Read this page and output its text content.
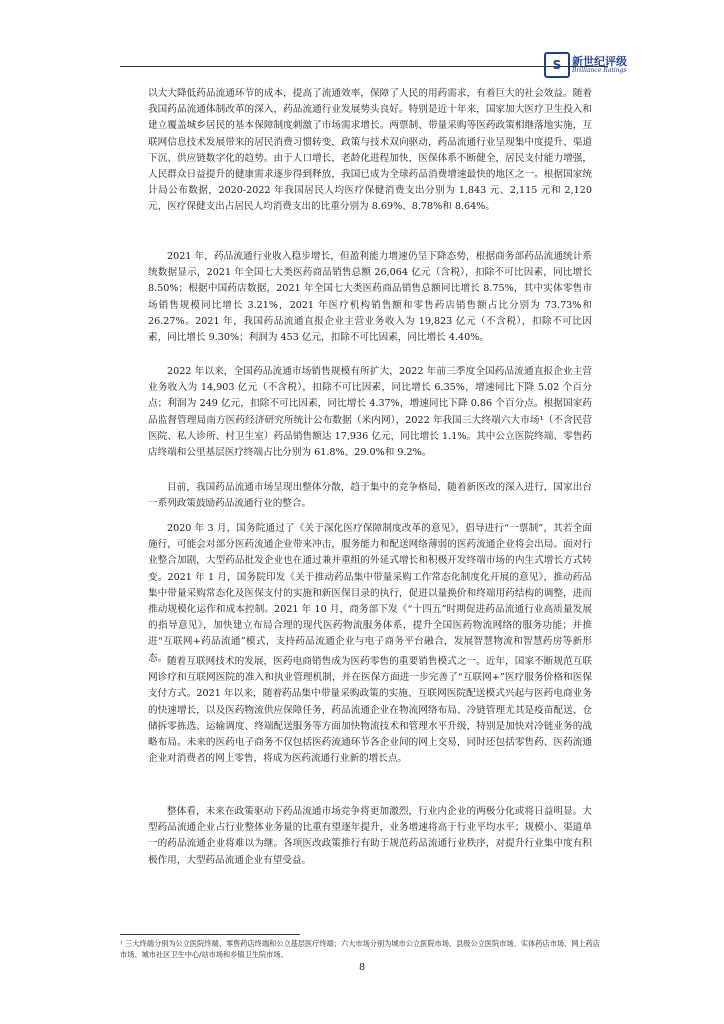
S 新世纪评级
Brilliance Ratings

以大大降低药品流通环节的成本，提高了流通效率，保障了人民的用药需求，有着巨大的社会效益。随着我国药品流通体制改革的深入，药品流通行业发展势头良好。特别是近十年来，国家加大医疗卫生投入和建立覆盖城乡居民的基本保障制度刺激了市场需求增长。两票制、带量采购等医药政策相继落地实施，互联网信息技术发展带来的居民消费习惯转变，政策与技术双向驱动，药品流通行业呈现集中度提升、渠道下沉、供应链数字化的趋势。由于人口增长，老龄化进程加快，医保体系不断健全，居民支付能力增强，人民群众日益提升的健康需求逐步得到释放，我国已成为全球药品消费增速最快的地区之一。根据国家统计局公布数据，2020-2022 年我国居民人均医疗保健消费支出分别为 1,843 元、2,115 元和 2,120 元，医疗保健支出占居民人均消费支出的比重分别为 8.69%、8.78%和 8.64%。

2021 年，药品流通行业收入稳步增长，但盈利能力增速仍呈下降态势，根据商务部药品流通统计系统数据显示，2021 年全国七大类医药商品销售总额 26,064 亿元（含税），扣除不可比因素，同比增长 8.50%；根据中国药店数据，2021 年全国七大类医药商品销售总额同比增长 8.75%，其中实体零售市场销售规模同比增长 3.21%，2021 年医疗机构销售额和零售药店销售额占比分别为 73.73%和 26.27%。2021 年，我国药品流通直报企业主营业务收入为 19,823 亿元（不含税），扣除不可比因素，同比增长 9.30%；利润为 453 亿元，扣除不可比因素，同比增长 4.40%。

2022 年以来，全国药品流通市场销售规模有所扩大，2022 年前三季度全国药品流通直报企业主营业务收入为 14,903 亿元（不含税），扣除不可比因素，同比增长 6.35%，增速同比下降 5.02 个百分点；利润为 249 亿元，扣除不可比因素，同比增长 4.37%，增速同比下降 0.86 个百分点。根据国家药品监督管理局南方医药经济研究所统计公布数据（米内网），2022 年我国三大终端六大市场¹（不含民营医院、私人诊所、村卫生室）药品销售额达 17,936 亿元，同比增长 1.1%。其中公立医院终端、零售药店终端和公里基层医疗终端占比分别为 61.8%、29.0%和 9.2%。

目前，我国药品流通市场呈现出整体分散，趋于集中的竞争格局，随着新医改的深入进行，国家出台一系列政策鼓励药品流通行业的整合。

2020 年 3 月，国务院通过了《关于深化医疗保障制度改革的意见》，倡导进行“一票制”，其若全面施行，可能会对部分医药流通企业带来冲击，服务能力和配送网络薄弱的医药流通企业将会出局。面对行业整合加剧，大型药品批发企业也在通过兼并重组的外延式增长和积极开发终端市场的内生式增长方式转变。2021 年 1 月，国务院印发《关于推动药品集中带量采购工作常态化制度化开展的意见》，推动药品集中带量采购常态化及医保支付的实施和新医保目录的执行，促进以量换价和终端用药结构的调整，进而推动规模化运作和成本控制。2021 年 10 月，商务部下发《“十四五”时期促进药品流通行业高质量发展的指导意见》，加快建立布局合理的现代医药物流服务体系，提升全国医药物流网络的服务功能；并推进“互联网+药品流通”模式，支持药品流通企业与电子商务平台融合，发展智慧物流和智慧药房等新形态。 随着互联网技术的发展，医药电商销售成为医药零售的重要销售模式之一。近年，国家不断规范互联网诊疗和互联网医院的准入和执业管理机制，并在医保方面进一步完善了“互联网+”医疗服务价格和医保支付方式。2021 年以来，随着药品集中带量采购政策的实施、互联网医院配送模式兴起与医药电商业务的快速增长，以及医药物流供应保障任务，药品流通企业在物流网络布局、冷链管理尤其是疫苗配送、仓储拆零拣选、运输调度、终端配送服务等方面加快物流技术和管理水平升级，特别是加快对冷链业务的战略布局。未来的医药电子商务不仅包括医药流通环节各企业间的网上交易，同时还包括零售药、医药流通企业对消费者的网上零售，将成为医药流通行业新的增长点。

整体看，未来在政策驱动下药品流通市场竞争将更加激烈，行业内企业的两极分化或将日益明显。大型药品流通企业占行业整体业务量的比重有望逐年提升，业务增速将高于行业平均水平；规模小、渠道单一的药品流通企业将难以为继。各项医改政策推行有助于规范药品流通行业秩序，对提升行业集中度有积极作用，大型药品流通企业有望受益。

¹ 三大终端分别为公立医院终端、零售药店终端和公立基层医疗终端；六大市场分别为城市公立医院市场、县级公立医院市场、实体药店市场、网上药店市场、城市社区卫生中心/站市场和乡镇卫生院市场。
8
